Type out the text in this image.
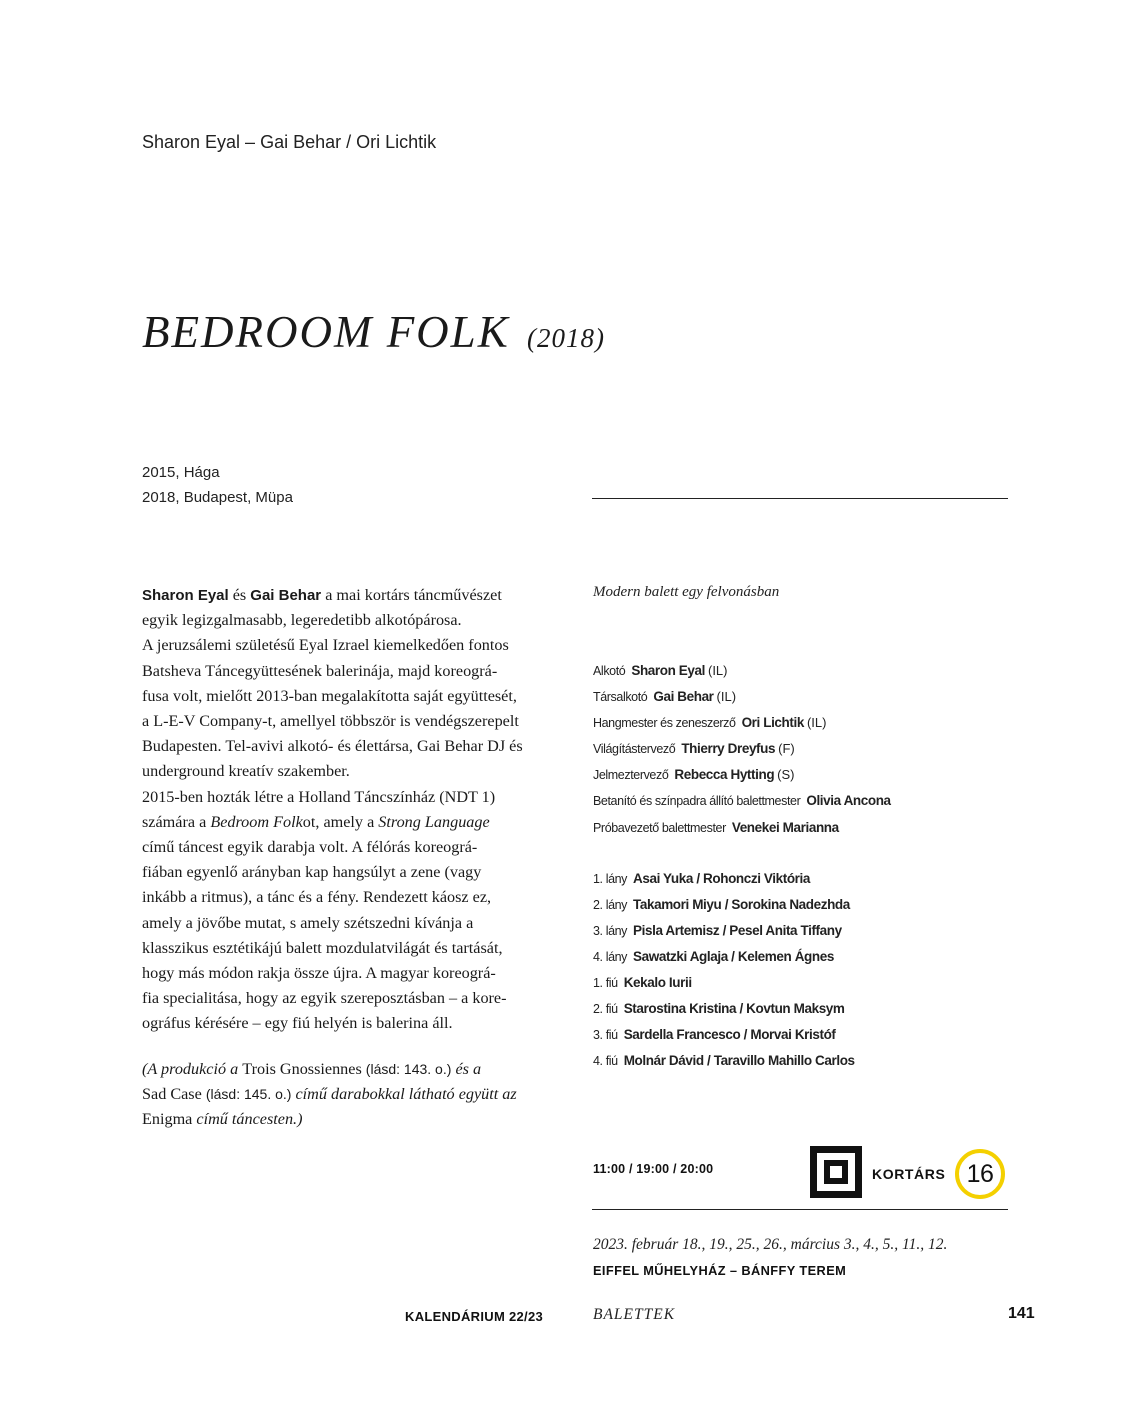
Sharon Eyal – Gai Behar / Ori Lichtik
BEDROOM FOLK (2018)
2015, Hága
2018, Budapest, Müpa
Sharon Eyal és Gai Behar a mai kortárs táncművészet
egyik legizgalmasabb, legeredetibb alkotópárosa.
A jeruzsálemi születésű Eyal Izrael kiemelkedően fontos
Batsheva Táncegyüttesének balerinája, majd koreográ-
fusa volt, mielőtt 2013-ban megalakította saját együttesét,
a L-E-V Company-t, amellyel többször is vendégszerepelt
Budapesten. Tel-avivi alkotó- és élettársa, Gai Behar DJ és
underground kreatív szakember.
2015-ben hozták létre a Holland Táncszínház (NDT 1)
számára a Bedroom Folkot, amely a Strong Language
című táncest egyik darabja volt. A félórás koreográ-
fiában egyenlő arányban kap hangsúlyt a zene (vagy
inkább a ritmus), a tánc és a fény. Rendezett káosz ez,
amely a jövőbe mutat, s amely szétszedni kívánja a
klasszikus esztétikájú balett mozdulatvilágát és tartását,
hogy más módon rakja össze újra. A magyar koreográ-
fia specialitása, hogy az egyik szereposztásban – a kore-
ográfus kérésére – egy fiú helyén is balerina áll.
(A produkció a Trois Gnossiennes (lásd: 143. o.) és a
Sad Case (lásd: 145. o.) című darabokkal látható együtt az
Enigma című táncesten.)
Modern balett egy felvonásban
Alkotó Sharon Eyal (IL)
Társalkotó Gai Behar (IL)
Hangmester és zeneszerző Ori Lichtik (IL)
Világítástervező Thierry Dreyfus (F)
Jelmeztervező Rebecca Hytting (S)
Betanító és színpadra állító balettmester Olivia Ancona
Próbavezető balettmester Venekei Marianna
1. lány Asai Yuka / Rohonczi Viktória
2. lány Takamori Miyu / Sorokina Nadezhda
3. lány Pisla Artemisz / Pesel Anita Tiffany
4. lány Sawatzki Aglaja / Kelemen Ágnes
1. fiú Kekalo Iurii
2. fiú Starostina Kristina / Kovtun Maksym
3. fiú Sardella Francesco / Morvai Kristóf
4. fiú Molnár Dávid / Taravillo Mahillo Carlos
11:00 / 19:00 / 20:00	KORTÁRS 16
2023. február 18., 19., 25., 26., március 3., 4., 5., 11., 12.
EIFFEL MŰHELYHÁZ – BÁNFFY TEREM
KALENDÁRIUM 22/23	BALETTEK	141
